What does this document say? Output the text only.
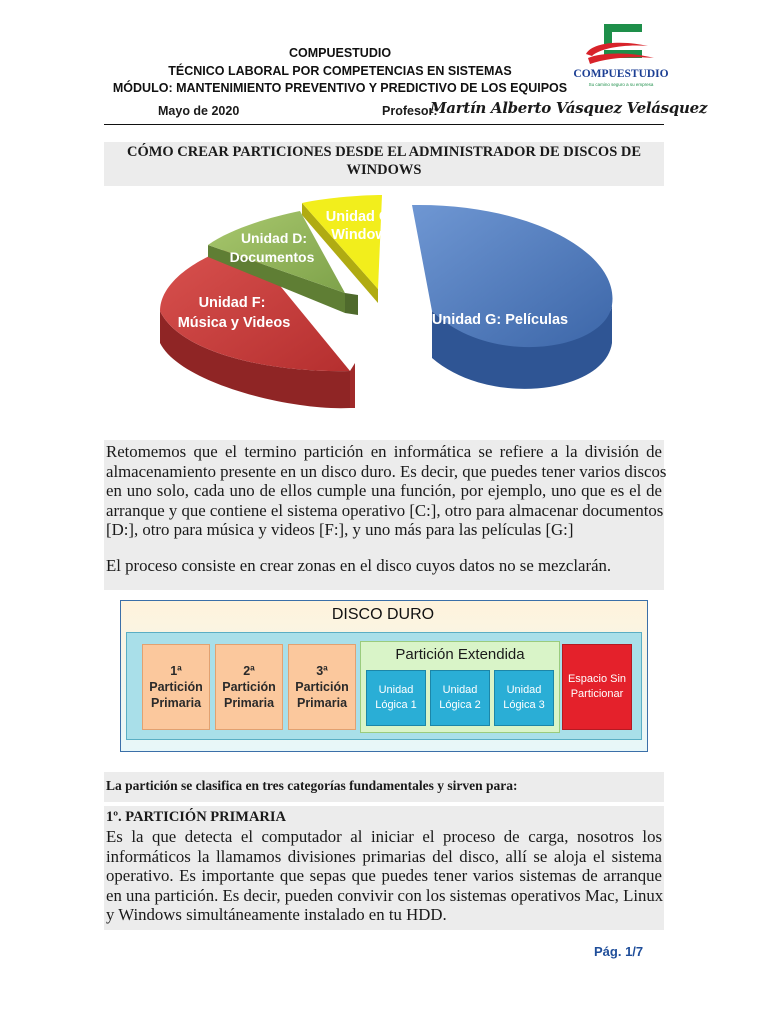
COMPUESTUDIO
TÉCNICO LABORAL POR COMPETENCIAS EN SISTEMAS
MÓDULO: MANTENIMIENTO PREVENTIVO Y PREDICTIVO DE LOS EQUIPOS
Mayo de 2020	Profesor:
Martín Alberto Vásquez Velásquez
COMPUESTUDIO
Su camino seguro a su empresa
CÓMO CREAR PARTICIONES DESDE EL ADMINISTRADOR DE DISCOS DE
WINDOWS
Unidad C:
Windows
Unidad D:
Documentos
Unidad F:
Música y Videos	Unidad G: Películas
Retomemos que el termino partición en informática se refiere a la división de
almacenamiento presente en un disco duro. Es decir, que puedes tener varios discos
en uno solo, cada uno de ellos cumple una función, por ejemplo, uno que es el de
arranque y que contiene el sistema operativo [C:], otro para almacenar documentos
[D:], otro para música y videos [F:], y uno más para las películas [G:]
El proceso consiste en crear zonas en el disco cuyos datos no se mezclarán.
DISCO DURO
1ª
Partición
Primaria
2ª
Partición
Primaria
3ª
Partición
Primaria
Partición Extendida
Unidad
Lógica 1
Unidad
Lógica 2
Unidad
Lógica 3
Espacio Sin
Particionar
La partición se clasifica en tres categorías fundamentales y sirven para:
1º. PARTICIÓN PRIMARIA
Es la que detecta el computador al iniciar el proceso de carga, nosotros los
informáticos la llamamos divisiones primarias del disco, allí se aloja el sistema
operativo. Es importante que sepas que puedes tener varios sistemas de arranque
en una partición. Es decir, pueden convivir con los sistemas operativos Mac, Linux
y Windows simultáneamente instalado en tu HDD.
Pág. 1/7
